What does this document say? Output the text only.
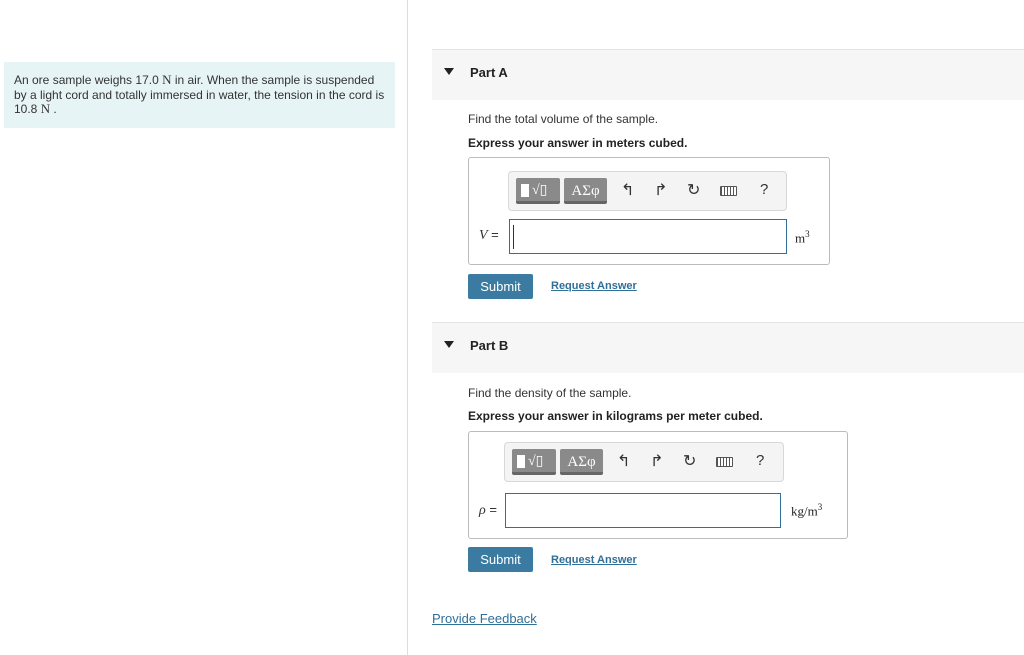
An ore sample weighs 17.0 N in air. When the sample is suspended by a light cord and totally immersed in water, the tension in the cord is 10.8 N .
Part A
Find the total volume of the sample.
Express your answer in meters cubed.
√▯	ΑΣφ	↰ ↱ ↻	?
V =	$m^3$
Submit	Request Answer
Part B
Find the density of the sample.
Express your answer in kilograms per meter cubed.
√▯	ΑΣφ	↰ ↱ ↻	?
ρ =	$kg/m^3$
Submit	Request Answer
Provide Feedback
